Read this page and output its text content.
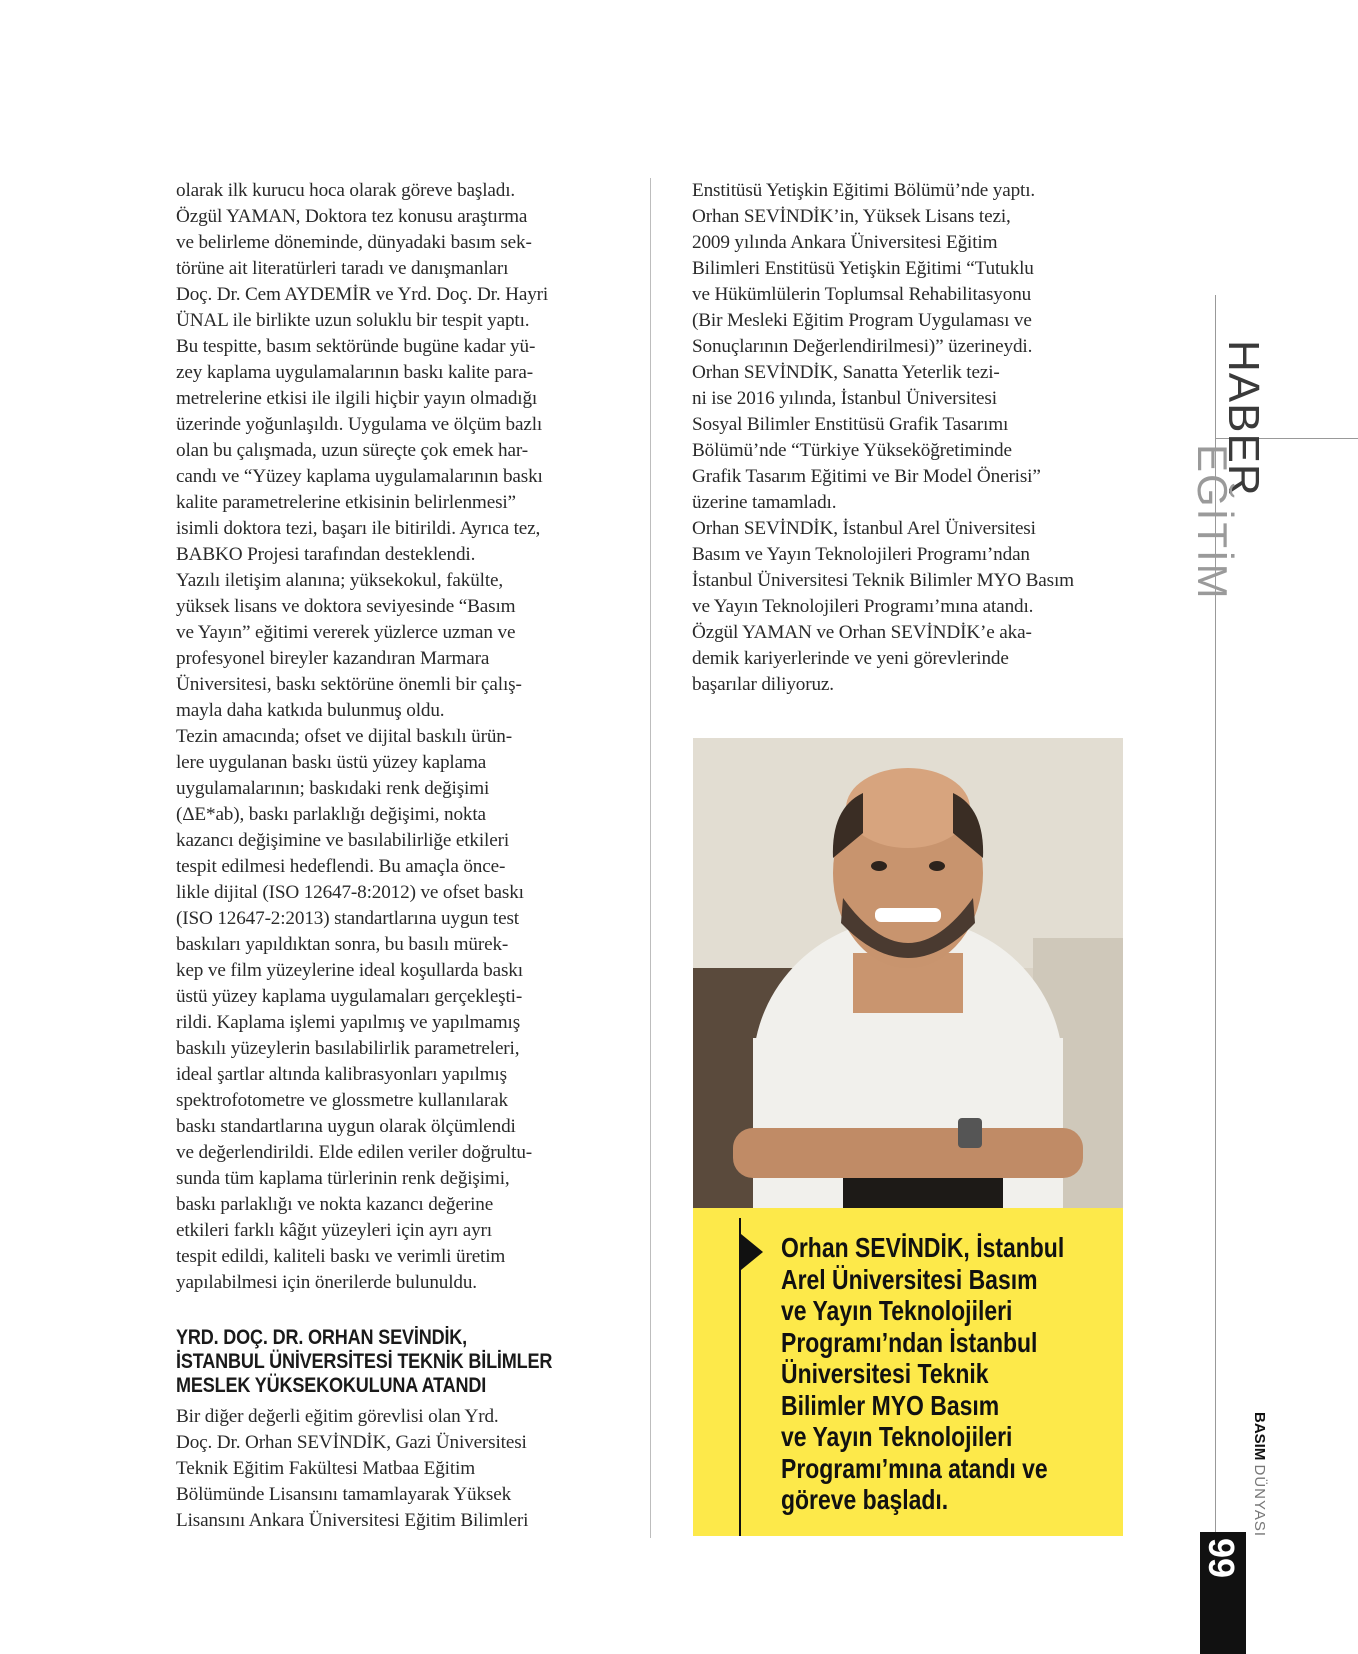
olarak ilk kurucu hoca olarak göreve başladı.
Özgül YAMAN, Doktora tez konusu araştırma
ve belirleme döneminde, dünyadaki basım sek-
törüne ait literatürleri taradı ve danışmanları
Doç. Dr. Cem AYDEMİR ve Yrd. Doç. Dr. Hayri
ÜNAL ile birlikte uzun soluklu bir tespit yaptı.
Bu tespitte, basım sektöründe bugüne kadar yü-
zey kaplama uygulamalarının baskı kalite para-
metrelerine etkisi ile ilgili hiçbir yayın olmadığı
üzerinde yoğunlaşıldı. Uygulama ve ölçüm bazlı
olan bu çalışmada, uzun süreçte çok emek har-
candı ve “Yüzey kaplama uygulamalarının baskı
kalite parametrelerine etkisinin belirlenmesi”
isimli doktora tezi, başarı ile bitirildi. Ayrıca tez,
BABKO Projesi tarafından desteklendi.
Yazılı iletişim alanına; yüksekokul, fakülte,
yüksek lisans ve doktora seviyesinde “Basım
ve Yayın” eğitimi vererek yüzlerce uzman ve
profesyonel bireyler kazandıran Marmara
Üniversitesi, baskı sektörüne önemli bir çalış-
mayla daha katkıda bulunmuş oldu.
Tezin amacında; ofset ve dijital baskılı ürün-
lere uygulanan baskı üstü yüzey kaplama
uygulamalarının; baskıdaki renk değişimi
(ΔE*ab), baskı parlaklığı değişimi, nokta
kazancı değişimine ve basılabilirliğe etkileri
tespit edilmesi hedeflendi. Bu amaçla önce-
likle dijital (ISO 12647-8:2012) ve ofset baskı
(ISO 12647-2:2013) standartlarına uygun test
baskıları yapıldıktan sonra, bu basılı mürek-
kep ve film yüzeylerine ideal koşullarda baskı
üstü yüzey kaplama uygulamaları gerçekleşti-
rildi. Kaplama işlemi yapılmış ve yapılmamış
baskılı yüzeylerin basılabilirlik parametreleri,
ideal şartlar altında kalibrasyonları yapılmış
spektrofotometre ve glossmetre kullanılarak
baskı standartlarına uygun olarak ölçümlendi
ve değerlendirildi. Elde edilen veriler doğrultu-
sunda tüm kaplama türlerinin renk değişimi,
baskı parlaklığı ve nokta kazancı değerine
etkileri farklı kâğıt yüzeyleri için ayrı ayrı
tespit edildi, kaliteli baskı ve verimli üretim
yapılabilmesi için önerilerde bulunuldu.

YRD. DOÇ. DR. ORHAN SEVİNDİK,
İSTANBUL ÜNİVERSİTESİ TEKNİK BİLİMLER
MESLEK YÜKSEKOKULUNA ATANDI

Bir diğer değerli eğitim görevlisi olan Yrd.
Doç. Dr. Orhan SEVİNDİK, Gazi Üniversitesi
Teknik Eğitim Fakültesi Matbaa Eğitim
Bölümünde Lisansını tamamlayarak Yüksek
Lisansını Ankara Üniversitesi Eğitim Bilimleri

Enstitüsü Yetişkin Eğitimi Bölümü’nde yaptı.
Orhan SEVİNDİK’in, Yüksek Lisans tezi,
2009 yılında Ankara Üniversitesi Eğitim
Bilimleri Enstitüsü Yetişkin Eğitimi “Tutuklu
ve Hükümlülerin Toplumsal Rehabilitasyonu
(Bir Mesleki Eğitim Program Uygulaması ve
Sonuçlarının Değerlendirilmesi)” üzerineydi.
Orhan SEVİNDİK, Sanatta Yeterlik tezi-
ni ise 2016 yılında, İstanbul Üniversitesi
Sosyal Bilimler Enstitüsü Grafik Tasarımı
Bölümü’nde “Türkiye Yükseköğretiminde
Grafik Tasarım Eğitimi ve Bir Model Önerisi”
üzerine tamamladı.
Orhan SEVİNDİK, İstanbul Arel Üniversitesi
Basım ve Yayın Teknolojileri Programı’ndan
İstanbul Üniversitesi Teknik Bilimler MYO Basım
ve Yayın Teknolojileri Programı’mına atandı.
Özgül YAMAN ve Orhan SEVİNDİK’e aka-
demik kariyerlerinde ve yeni görevlerinde
başarılar diliyoruz.

Orhan SEVİNDİK, İstanbul
Arel Üniversitesi Basım
ve Yayın Teknolojileri
Programı’ndan İstanbul
Üniversitesi Teknik
Bilimler MYO Basım
ve Yayın Teknolojileri
Programı’mına atandı ve
göreve başladı.

HABER
EĞİTİM
BASIM DÜNYASI
99
